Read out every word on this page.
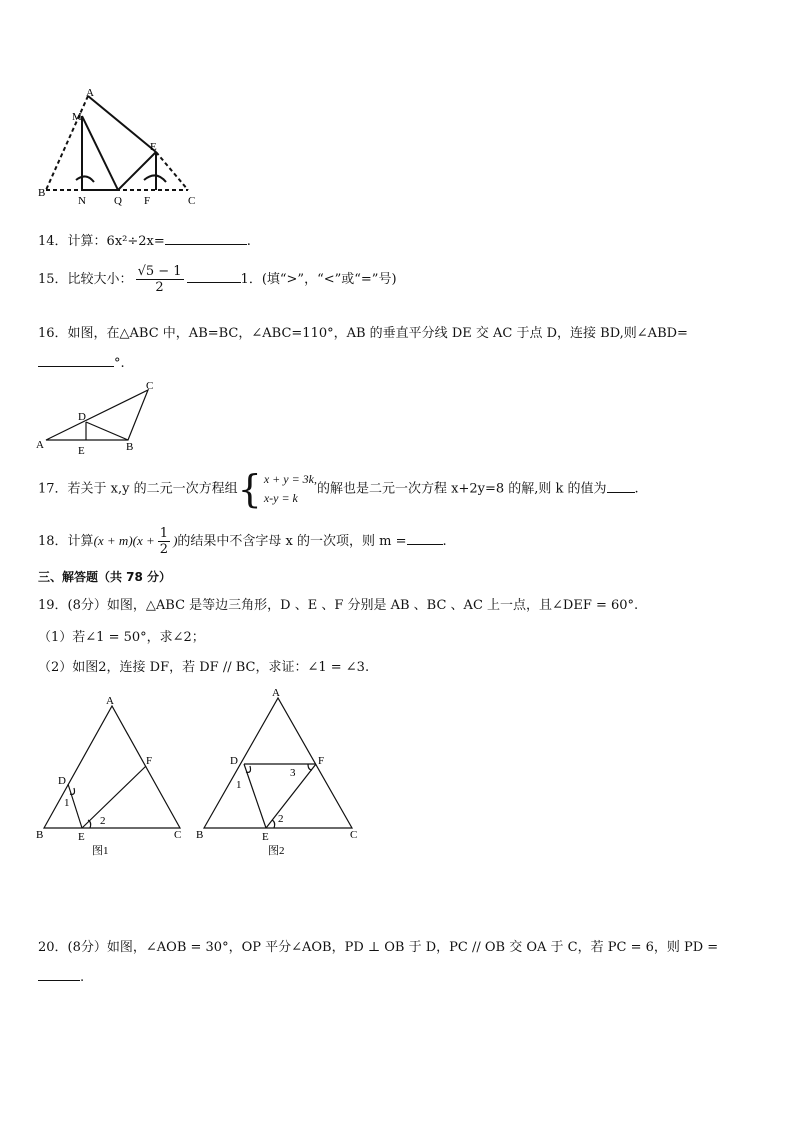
A
M
E
B
N	Q F	C
14．计算：6x²÷2x=	.
15．比较大小： $\frac{√5 - 1}{2}$	1．(填“>”，“<”或“=”号)
16．如图，在△ABC 中，AB=BC，∠ABC=110°，AB 的垂直平分线 DE 交 AC 于点 D，连接 BD,则∠ABD=
°.
A	B
C
D
E
17．若关于 x,y 的二元一次方程组{ x + y = 3k,
x-y = k的解也是二元一次方程 x+2y=8 的解,则 k 的值为 .
18．计算$(x + m)(x + \frac{1}{2}$ )的结果中不含字母 x 的一次项，则 m =	.
三、解答题（共 78 分）
19．(8分）如图，△ABC 是等边三角形，D 、E 、F 分别是 AB 、BC 、AC 上一点，且∠DEF = 60°.
（1）若∠1 = 50°，求∠2；
（2）如图2，连接 DF，若 DF // BC，求证：∠1 = ∠3.
A
B	C
D
E
F
1
2
图1
A
B	C
D
E
F
1
2
3
图2
20．(8分）如图，∠AOB = 30°，OP 平分∠AOB，PD ⊥ OB 于 D，PC // OB 交 OA 于 C，若 PC = 6，则 PD =
.
